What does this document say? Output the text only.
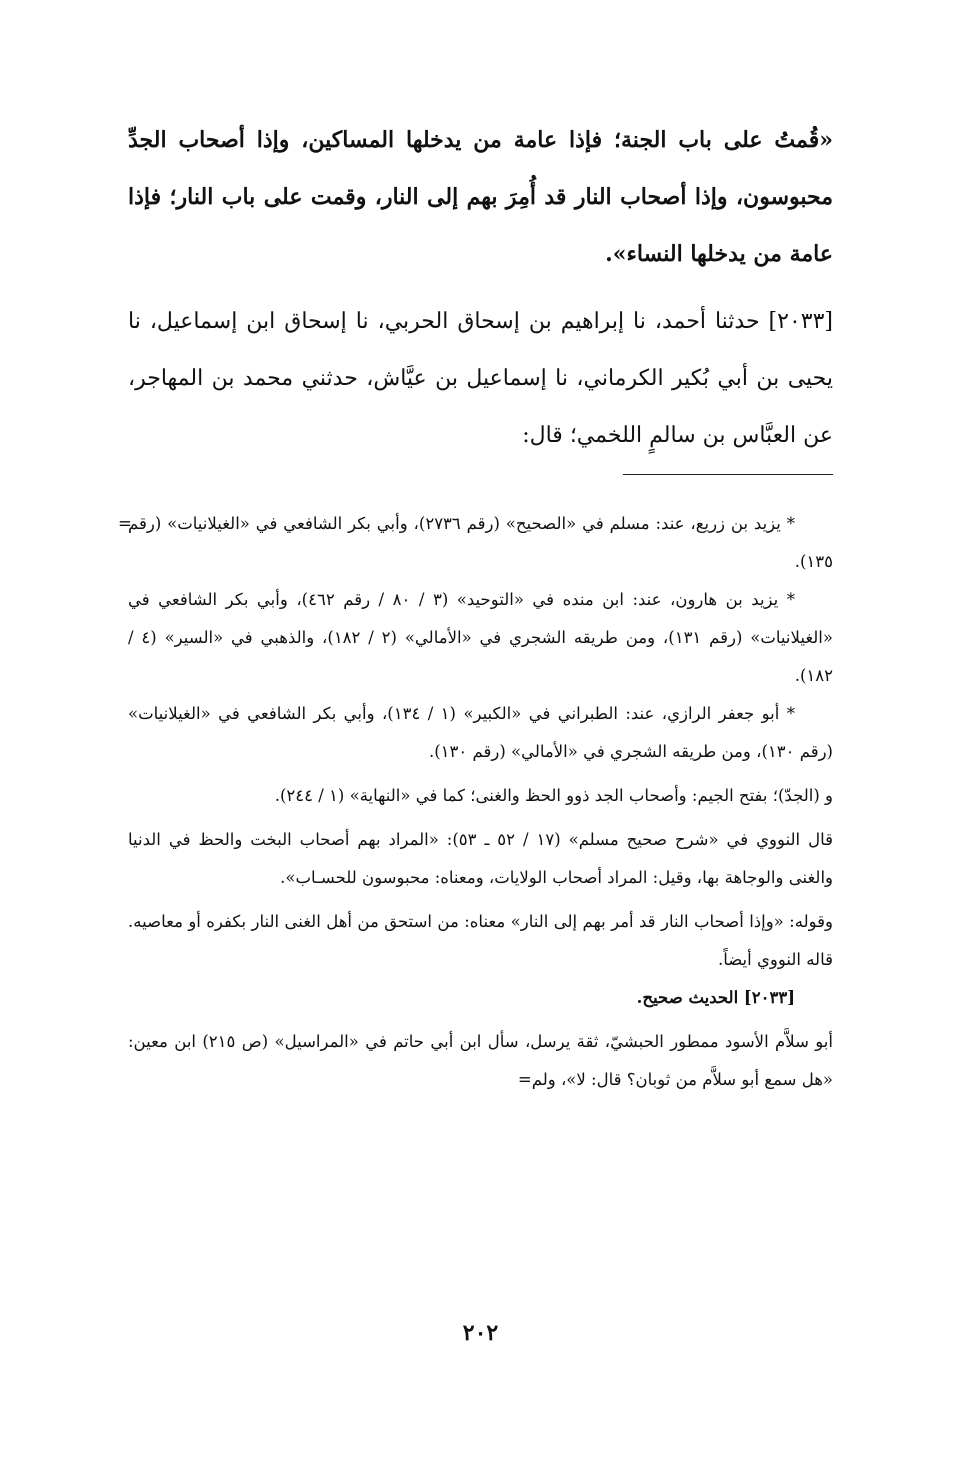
«قُمتُ على باب الجنة؛ فإذا عامة من يدخلها المساكين، وإذا أصحاب الجدِّ محبوسون، وإذا أصحاب النار قد أُمِرَ بهم إلى النار، وقمت على باب النار؛ فإذا عامة من يدخلها النساء».

[٢٠٣٣] حدثنا أحمد، نا إبراهيم بن إسحاق الحربي، نا إسحاق ابن إسماعيل، نا يحيى بن أبي بُكير الكرماني، نا إسماعيل بن عيَّاش، حدثني محمد بن المهاجر، عن العبَّاس بن سالمٍ اللخمي؛ قال:

=

* يزيد بن زريع، عند: مسلم في «الصحيح» (رقم ٢٧٣٦)، وأبي بكر الشافعي في «الغيلانيات» (رقم ١٣٥).

* يزيد بن هارون، عند: ابن منده في «التوحيد» (٣ / ٨٠ / رقم ٤٦٢)، وأبي بكر الشافعي في «الغيلانيات» (رقم ١٣١)، ومن طريقه الشجري في «الأمالي» (٢ / ١٨٢)، والذهبي في «السير» (٤ / ١٨٢).

* أبو جعفر الرازي، عند: الطبراني في «الكبير» (١ / ١٣٤)، وأبي بكر الشافعي في «الغيلانيات» (رقم ١٣٠)، ومن طريقه الشجري في «الأمالي» (رقم ١٣٠).

و (الجدّ)؛ بفتح الجيم: وأصحاب الجد ذوو الحظ والغنى؛ كما في «النهاية» (١ / ٢٤٤).

قال النووي في «شرح صحيح مسلم» (١٧ / ٥٢ ـ ٥٣): «المراد بهم أصحاب البخت والحظ في الدنيا والغنى والوجاهة بها، وقيل: المراد أصحاب الولايات، ومعناه: محبوسون للحسـاب».

وقوله: «وإذا أصحاب النار قد أمر بهم إلى النار» معناه: من استحق من أهل الغنى النار بكفره أو معاصيه. قاله النووي أيضاً.

[٢٠٣٣] الحديث صحيح.

أبو سلاَّم الأسود ممطور الحبشيّ، ثقة يرسل، سأل ابن أبي حاتم في «المراسيل» (ص ٢١٥) ابن معين: «هل سمع أبو سلاَّم من ثوبان؟ قال: لا»، ولم=

٢٠٢
